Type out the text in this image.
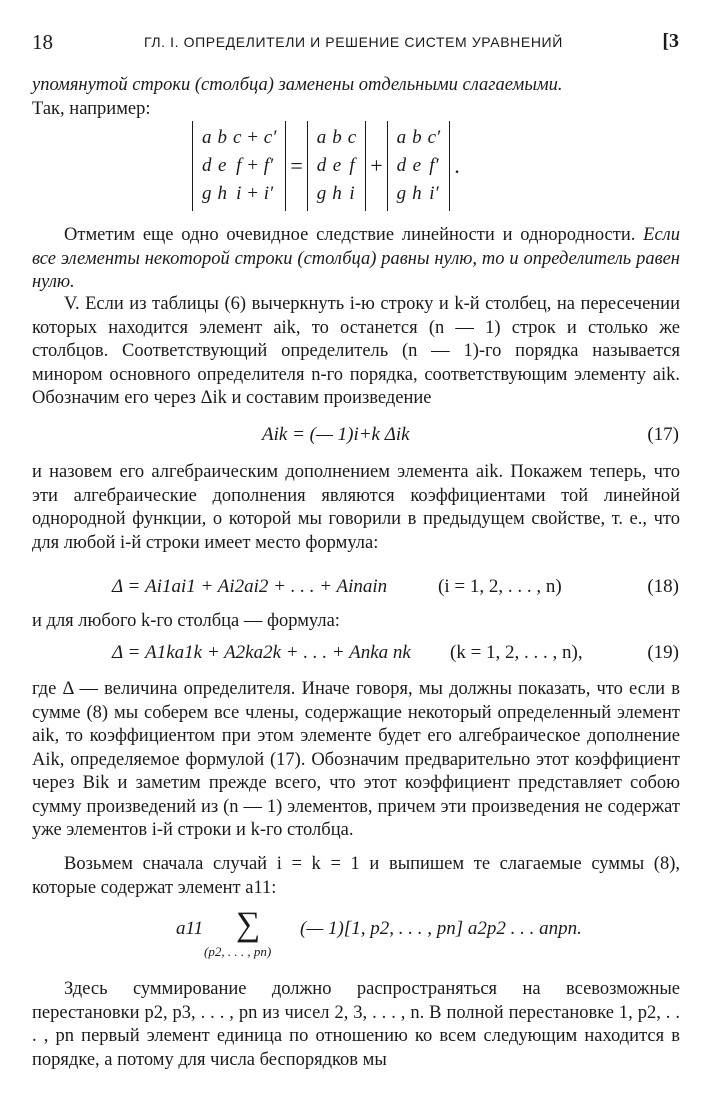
18	ГЛ. I. ОПРЕДЕЛИТЕЛИ И РЕШЕНИЕ СИСТЕМ УРАВНЕНИЙ	[3

упомянутой строки (столбца) заменены отдельными слагаемыми.

Так, например:

a	b	c + c′
d	e	f + f′
g	h	i + i′
=
a	b	c
d	e	f
g	h	i
+
a	b	c′
d	e	f′
g	h	i′
.
Отметим еще одно очевидное следствие линейности и однородности. Если все элементы некоторой строки (столбца) равны нулю, то и определитель равен нулю.
V. Если из таблицы (6) вычеркнуть i-ю строку и k-й столбец, на пересечении которых находится элемент aik, то останется (n — 1) строк и столько же столбцов. Соответствующий определитель (n — 1)-го порядка называется минором основного определителя n-го порядка, соответствующим элементу aik. Обозначим его через Δik и составим произведение
Aik = (— 1)i+k Δik	(17)
и назовем его алгебраическим дополнением элемента aik. Покажем теперь, что эти алгебраические дополнения являются коэффициентами той линейной однородной функции, о которой мы говорили в предыдущем свойстве, т. е., что для любой i-й строки имеет место формула:
Δ = Ai1ai1 + Ai2ai2 + . . . + Ainain	(i = 1, 2, . . . , n)	(18)
и для любого k-го столбца — формула:
Δ = A1ka1k + A2ka2k + . . . + Anka nk (k = 1, 2, . . . , n),	(19)
где Δ — величина определителя. Иначе говоря, мы должны показать, что если в сумме (8) мы соберем все члены, содержащие некоторый определенный элемент aik, то коэффициентом при этом элементе будет его алгебраическое дополнение Aik, определяемое формулой (17). Обозначим предварительно этот коэффициент через Bik и заметим прежде всего, что этот коэффициент представляет собою сумму произведений из (n — 1) элементов, причем эти произведения не содержат уже элементов i-й строки и k-го столбца.
Возьмем сначала случай i = k = 1 и выпишем те слагаемые суммы (8), которые содержат элемент a11:
a11 ∑
(p2, . . . , pn)
(— 1)[1, p2, . . . , pn] a2p2 . . . anpn.
Здесь суммирование должно распространяться на всевозможные перестановки p2, p3, . . . , pn из чисел 2, 3, . . . , n. В полной перестановке 1, p2, . . . , pn первый элемент единица по отношению ко всем следующим находится в порядке, а потому для числа беспорядков мы
